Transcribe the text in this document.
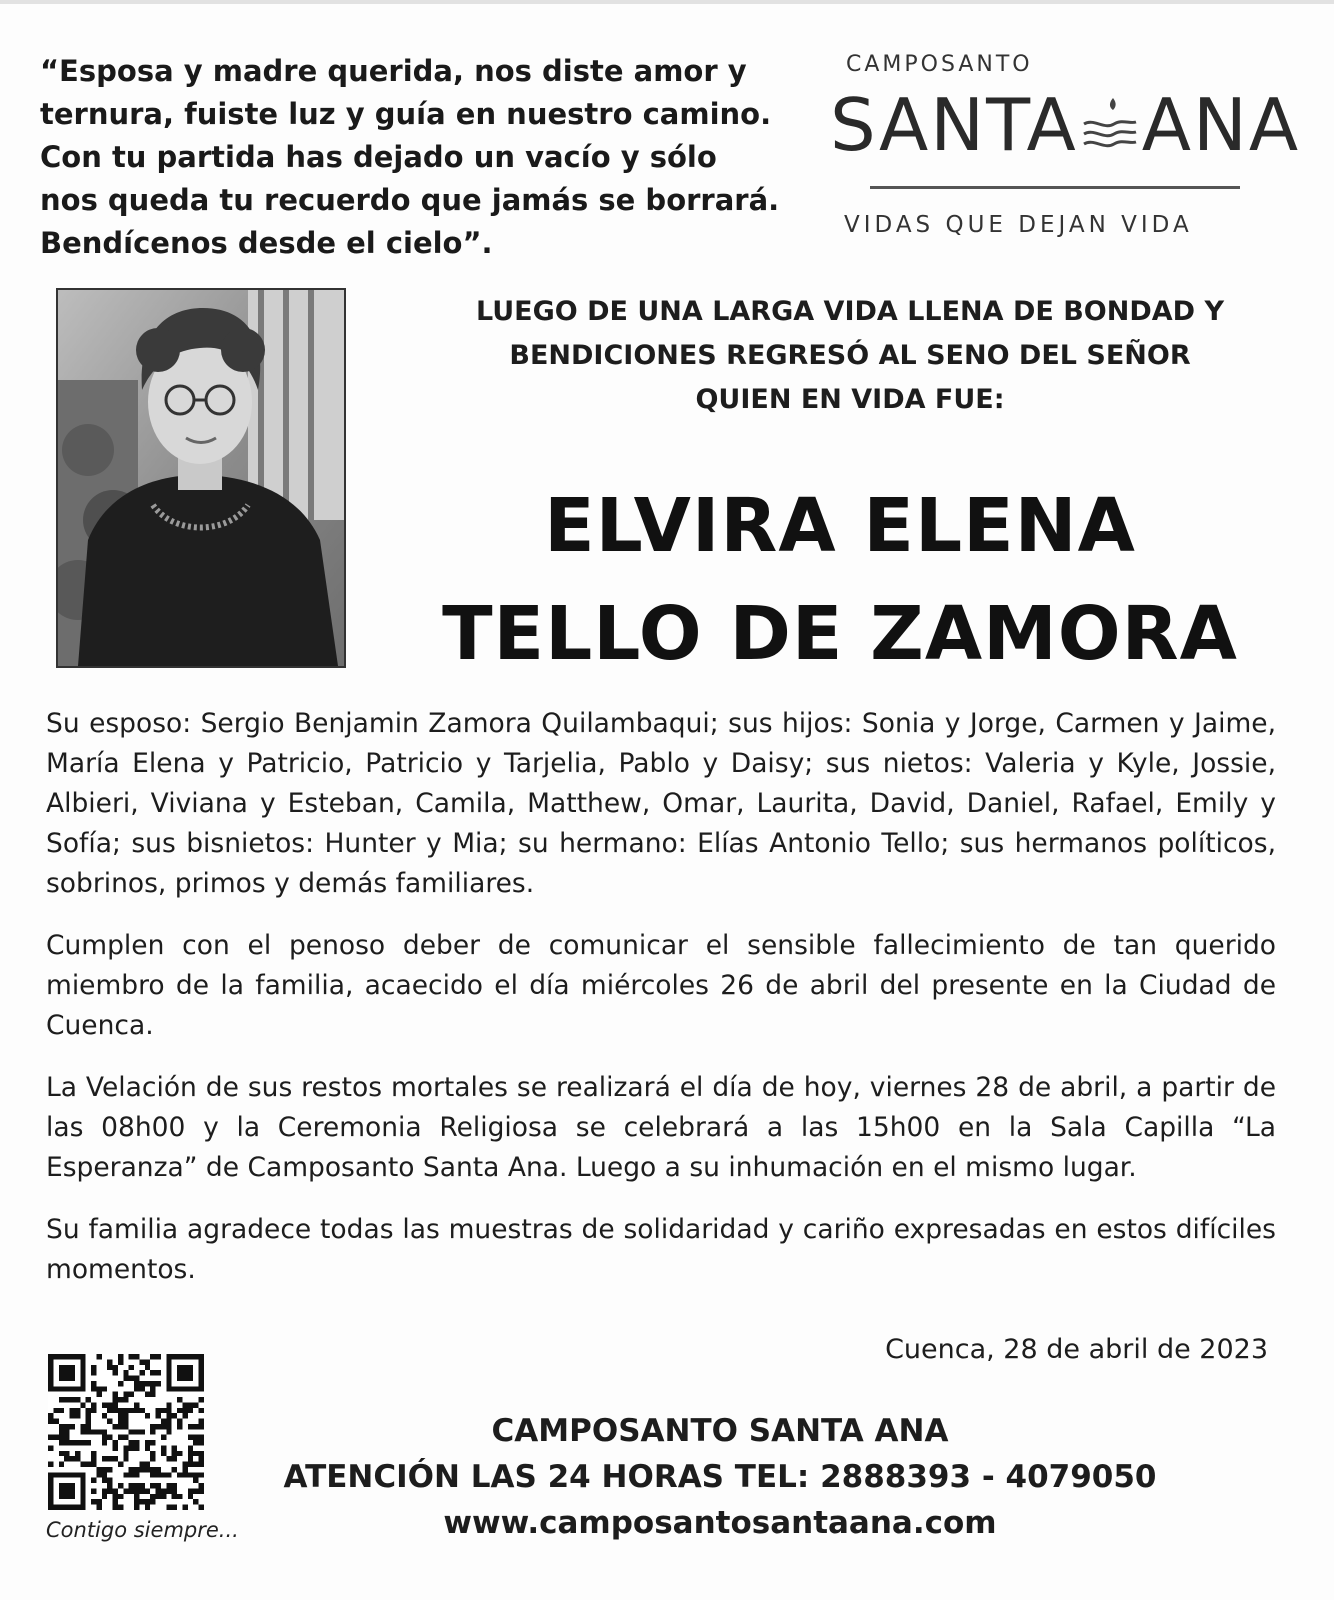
“Esposa y madre querida, nos diste amor y
ternura, fuiste luz y guía en nuestro camino.
Con tu partida has dejado un vacío y sólo
nos queda tu recuerdo que jamás se borrará.
Bendícenos desde el cielo”.

CAMPOSANTO
SANTA ANA
VIDAS QUE DEJAN VIDA
LUEGO DE UNA LARGA VIDA LLENA DE BONDAD Y
BENDICIONES REGRESÓ AL SENO DEL SEÑOR
QUIEN EN VIDA FUE:
ELVIRA ELENA
TELLO DE ZAMORA

Su esposo: Sergio Benjamin Zamora Quilambaqui; sus hijos: Sonia y Jorge, Carmen y Jaime, María Elena y Patricio, Patricio y Tarjelia, Pablo y Daisy; sus nietos: Valeria y Kyle, Jossie, Albieri, Viviana y Esteban, Camila, Matthew, Omar, Laurita, David, Daniel, Rafael, Emily y Sofía; sus bisnietos: Hunter y Mia; su hermano: Elías Antonio Tello; sus hermanos políticos, sobrinos, primos y demás familiares.

Cumplen con el penoso deber de comunicar el sensible fallecimiento de tan querido miembro de la familia, acaecido el día miércoles 26 de abril del presente en la Ciudad de Cuenca.

La Velación de sus restos mortales se realizará el día de hoy, viernes 28 de abril, a partir de las 08h00 y la Ceremonia Religiosa se celebrará a las 15h00 en la Sala Capilla “La Esperanza” de Camposanto Santa Ana. Luego a su inhumación en el mismo lugar.

Su familia agradece todas las muestras de solidaridad y cariño expresadas en estos difíciles momentos.

Cuenca, 28 de abril de 2023
Contigo siempre...
CAMPOSANTO SANTA ANA
ATENCIÓN LAS 24 HORAS TEL: 2888393 - 4079050
www.camposantosantaana.com
